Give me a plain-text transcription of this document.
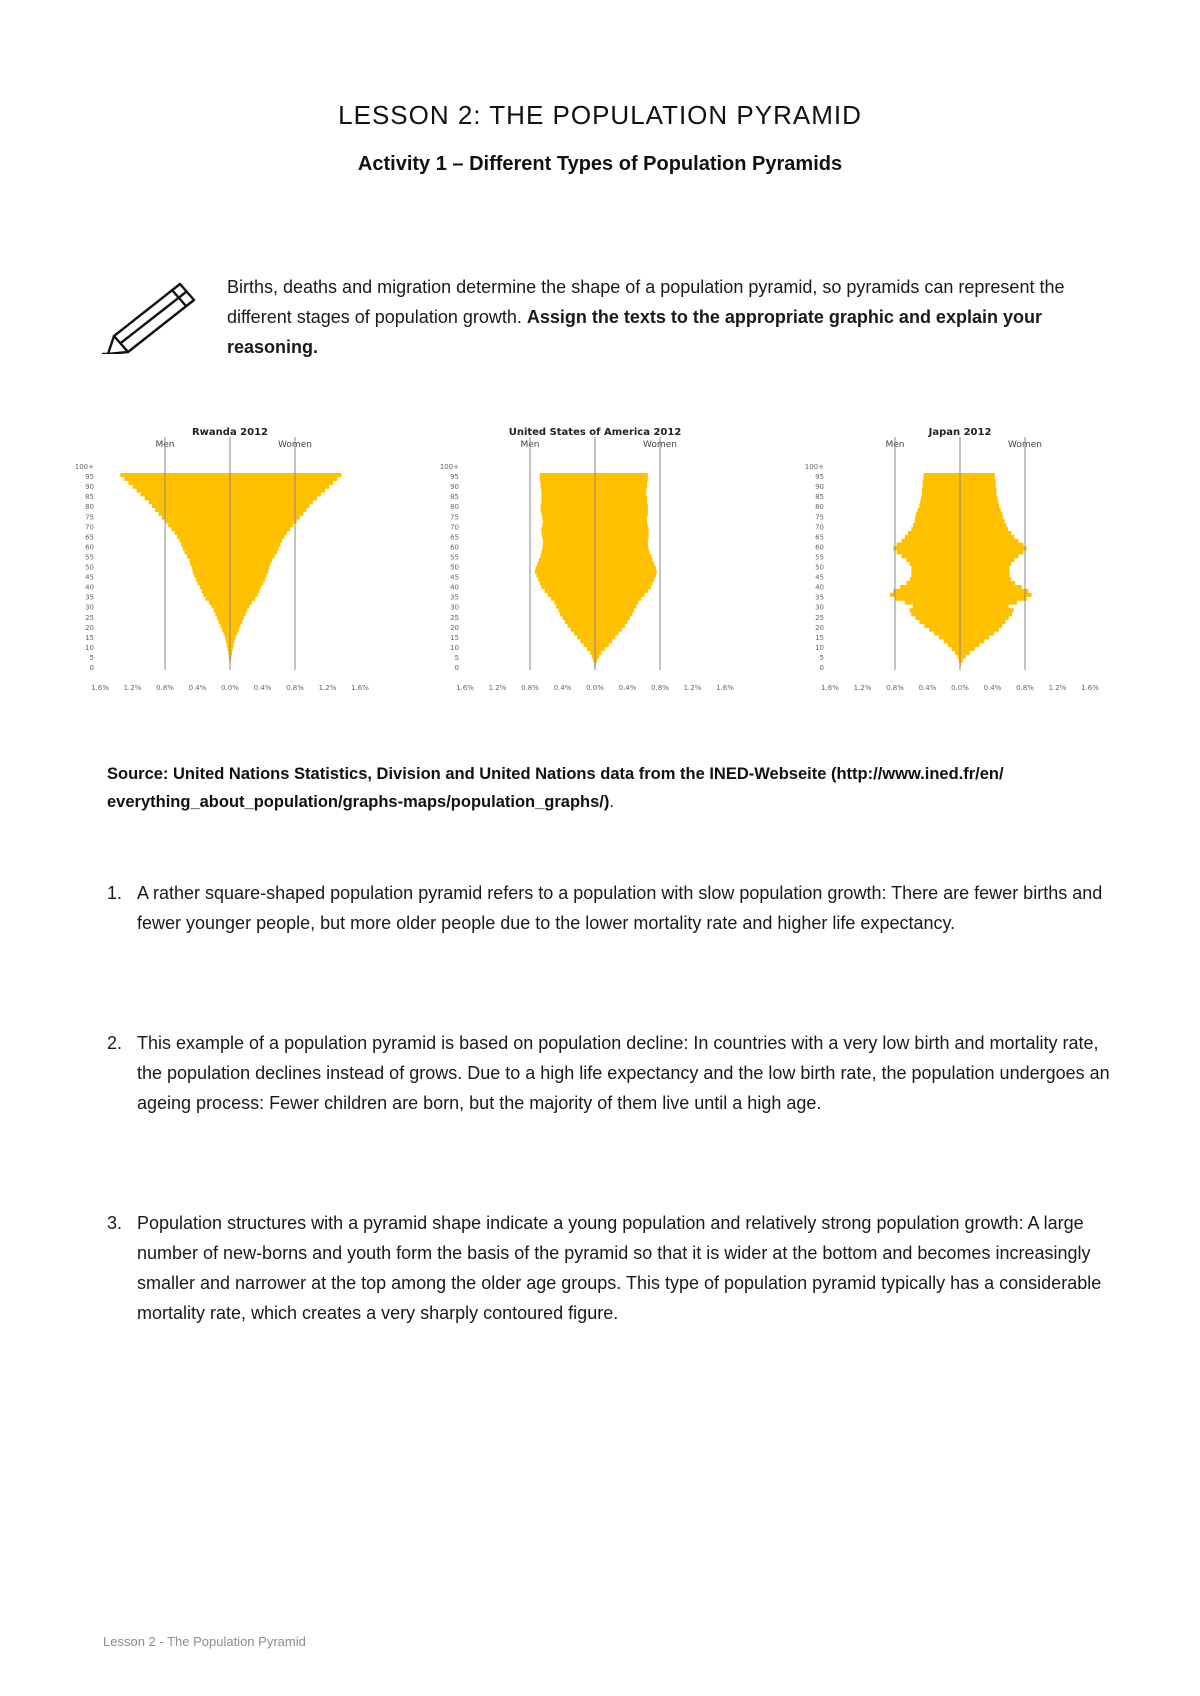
LESSON 2: THE POPULATION PYRAMID
Activity 1 – Different Types of Population Pyramids
Births, deaths and migration determine the shape of a population pyramid, so pyramids can represent the different stages of population growth. Assign the texts to the appropriate graphic and explain your reasoning.
Rwanda 2012
Men	Women
100+
95
90
85
80
75
70
65
60
55
50
45
40
35
30
25
20
15
10
5
0
1.6% 1.2% 0.8% 0.4% 0.0% 0.4% 0.8% 1.2% 1.6%
United States of America 2012
Men	Women
100+
95
90
85
80
75
70
65
60
55
50
45
40
35
30
25
20
15
10
5
0
1.6% 1.2% 0.8% 0.4% 0.0% 0.4% 0.8% 1.2% 1.6%
Japan 2012
Men	Women
100+
95
90
85
80
75
70
65
60
55
50
45
40
35
30
25
20
15
10
5
0
1.6% 1.2% 0.8% 0.4% 0.0% 0.4% 0.8% 1.2% 1.6%
Source: United Nations Statistics, Division and United Nations data from the INED-Webseite (http://www.ined.fr/en/ everything_about_population/graphs-maps/population_graphs/).
1. A rather square-shaped population pyramid refers to a population with slow population growth: There are fewer births and fewer younger people, but more older people due to the lower mortality rate and higher life expectancy.
2. This example of a population pyramid is based on population decline: In countries with a very low birth and mortality rate, the population declines instead of grows. Due to a high life expectancy and the low birth rate, the population undergoes an ageing process: Fewer children are born, but the majority of them live until a high age.
3. Population structures with a pyramid shape indicate a young population and relatively strong population growth: A large number of new-borns and youth form the basis of the pyramid so that it is wider at the bottom and becomes increasingly smaller and narrower at the top among the older age groups. This type of population pyramid typically has a considerable mortality rate, which creates a very sharply contoured figure.
Lesson 2 - The Population Pyramid
